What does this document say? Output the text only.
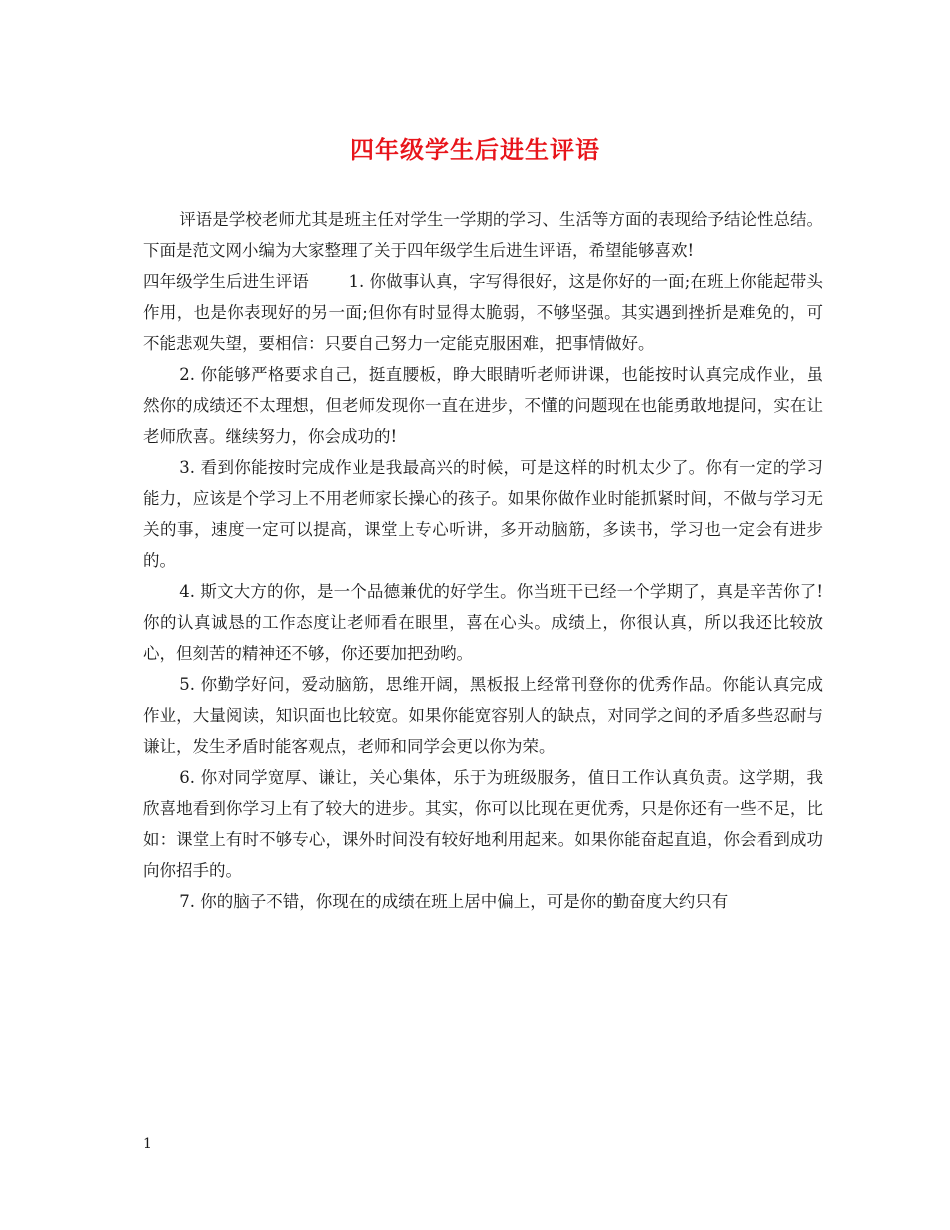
四年级学生后进生评语

评语是学校老师尤其是班主任对学生一学期的学习、生活等方面的表现给予结论性总结。下面是范文网小编为大家整理了关于四年级学生后进生评语，希望能够喜欢!

四年级学生后进生评语 1. 你做事认真，字写得很好，这是你好的一面;在班上你能起带头作用，也是你表现好的另一面;但你有时显得太脆弱，不够坚强。其实遇到挫折是难免的，可不能悲观失望，要相信：只要自己努力一定能克服困难，把事情做好。

2. 你能够严格要求自己，挺直腰板，睁大眼睛听老师讲课，也能按时认真完成作业，虽然你的成绩还不太理想，但老师发现你一直在进步，不懂的问题现在也能勇敢地提问，实在让老师欣喜。继续努力，你会成功的!

3. 看到你能按时完成作业是我最高兴的时候，可是这样的时机太少了。你有一定的学习能力，应该是个学习上不用老师家长操心的孩子。如果你做作业时能抓紧时间，不做与学习无关的事，速度一定可以提高，课堂上专心听讲，多开动脑筋，多读书，学习也一定会有进步的。

4. 斯文大方的你，是一个品德兼优的好学生。你当班干已经一个学期了，真是辛苦你了!你的认真诚恳的工作态度让老师看在眼里，喜在心头。成绩上，你很认真，所以我还比较放心，但刻苦的精神还不够，你还要加把劲哟。

5. 你勤学好问，爱动脑筋，思维开阔，黑板报上经常刊登你的优秀作品。你能认真完成作业，大量阅读，知识面也比较宽。如果你能宽容别人的缺点，对同学之间的矛盾多些忍耐与谦让，发生矛盾时能客观点，老师和同学会更以你为荣。

6. 你对同学宽厚、谦让，关心集体，乐于为班级服务，值日工作认真负责。这学期，我欣喜地看到你学习上有了较大的进步。其实，你可以比现在更优秀，只是你还有一些不足，比如：课堂上有时不够专心，课外时间没有较好地利用起来。如果你能奋起直追，你会看到成功向你招手的。

7. 你的脑子不错，你现在的成绩在班上居中偏上，可是你的勤奋度大约只有

1
